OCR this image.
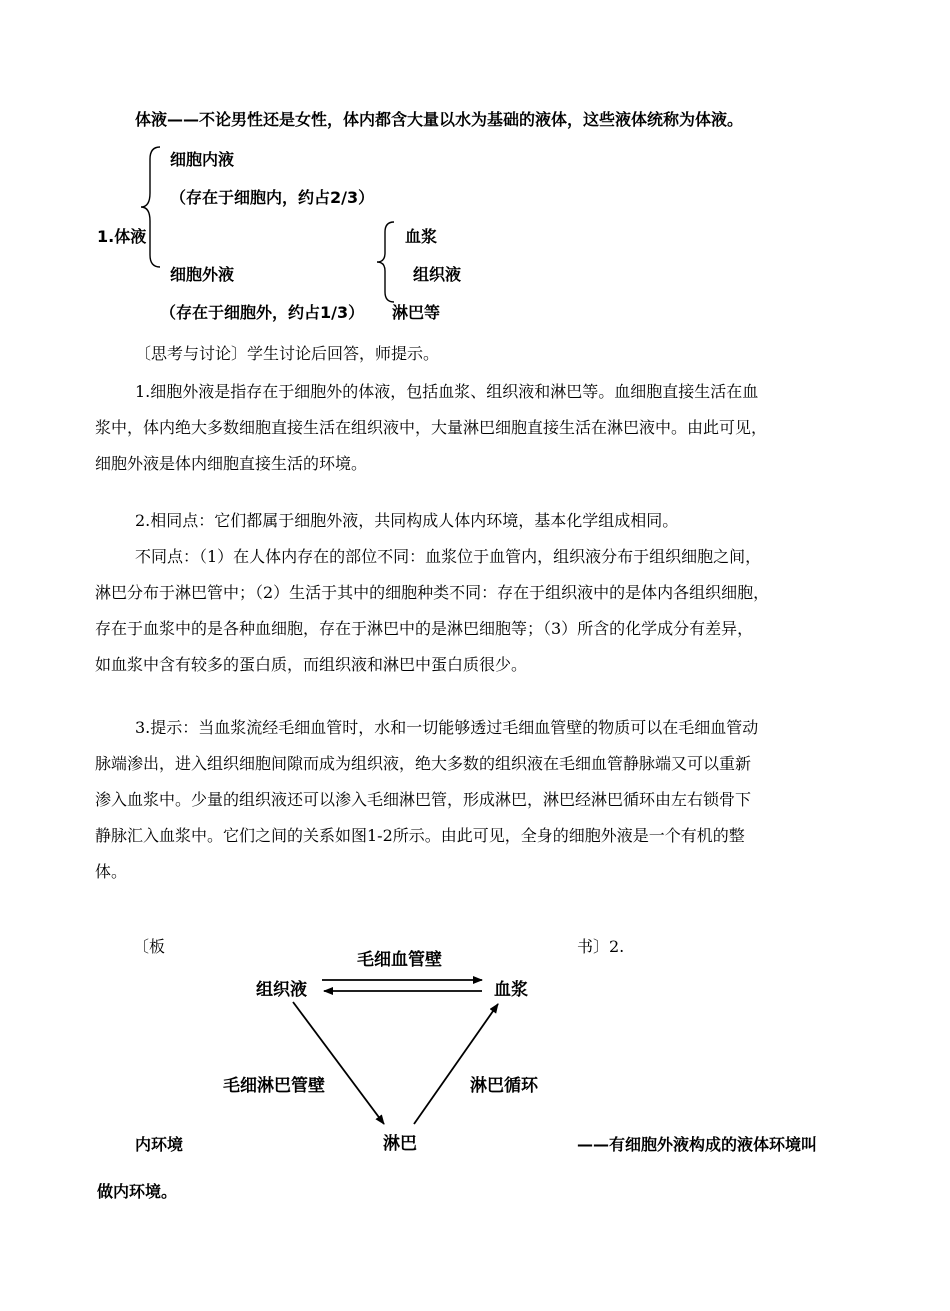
体液——不论男性还是女性，体内都含大量以水为基础的液体，这些液体统称为体液。
细胞内液
（存在于细胞内，约占2/3）
1.体液
细胞外液
（存在于细胞外，约占1/3）
血浆
组织液
淋巴等
〔思考与讨论〕学生讨论后回答，师提示。
1.细胞外液是指存在于细胞外的体液，包括血浆、组织液和淋巴等。血细胞直接生活在血
浆中，体内绝大多数细胞直接生活在组织液中，大量淋巴细胞直接生活在淋巴液中。由此可见，
细胞外液是体内细胞直接生活的环境。
2.相同点：它们都属于细胞外液，共同构成人体内环境，基本化学组成相同。
不同点：（1）在人体内存在的部位不同：血浆位于血管内，组织液分布于组织细胞之间，
淋巴分布于淋巴管中；（2）生活于其中的细胞种类不同：存在于组织液中的是体内各组织细胞，
存在于血浆中的是各种血细胞，存在于淋巴中的是淋巴细胞等；（3）所含的化学成分有差异，
如血浆中含有较多的蛋白质，而组织液和淋巴中蛋白质很少。
3.提示：当血浆流经毛细血管时，水和一切能够透过毛细血管壁的物质可以在毛细血管动
脉端渗出，进入组织细胞间隙而成为组织液，绝大多数的组织液在毛细血管静脉端又可以重新
渗入血浆中。少量的组织液还可以渗入毛细淋巴管，形成淋巴，淋巴经淋巴循环由左右锁骨下
静脉汇入血浆中。它们之间的关系如图1-2所示。由此可见，全身的细胞外液是一个有机的整
体。
〔板	书〕2.
毛细血管壁
组织液	血浆
毛细淋巴管壁	淋巴循环
淋巴
内环境	——有细胞外液构成的液体环境叫
做内环境。
